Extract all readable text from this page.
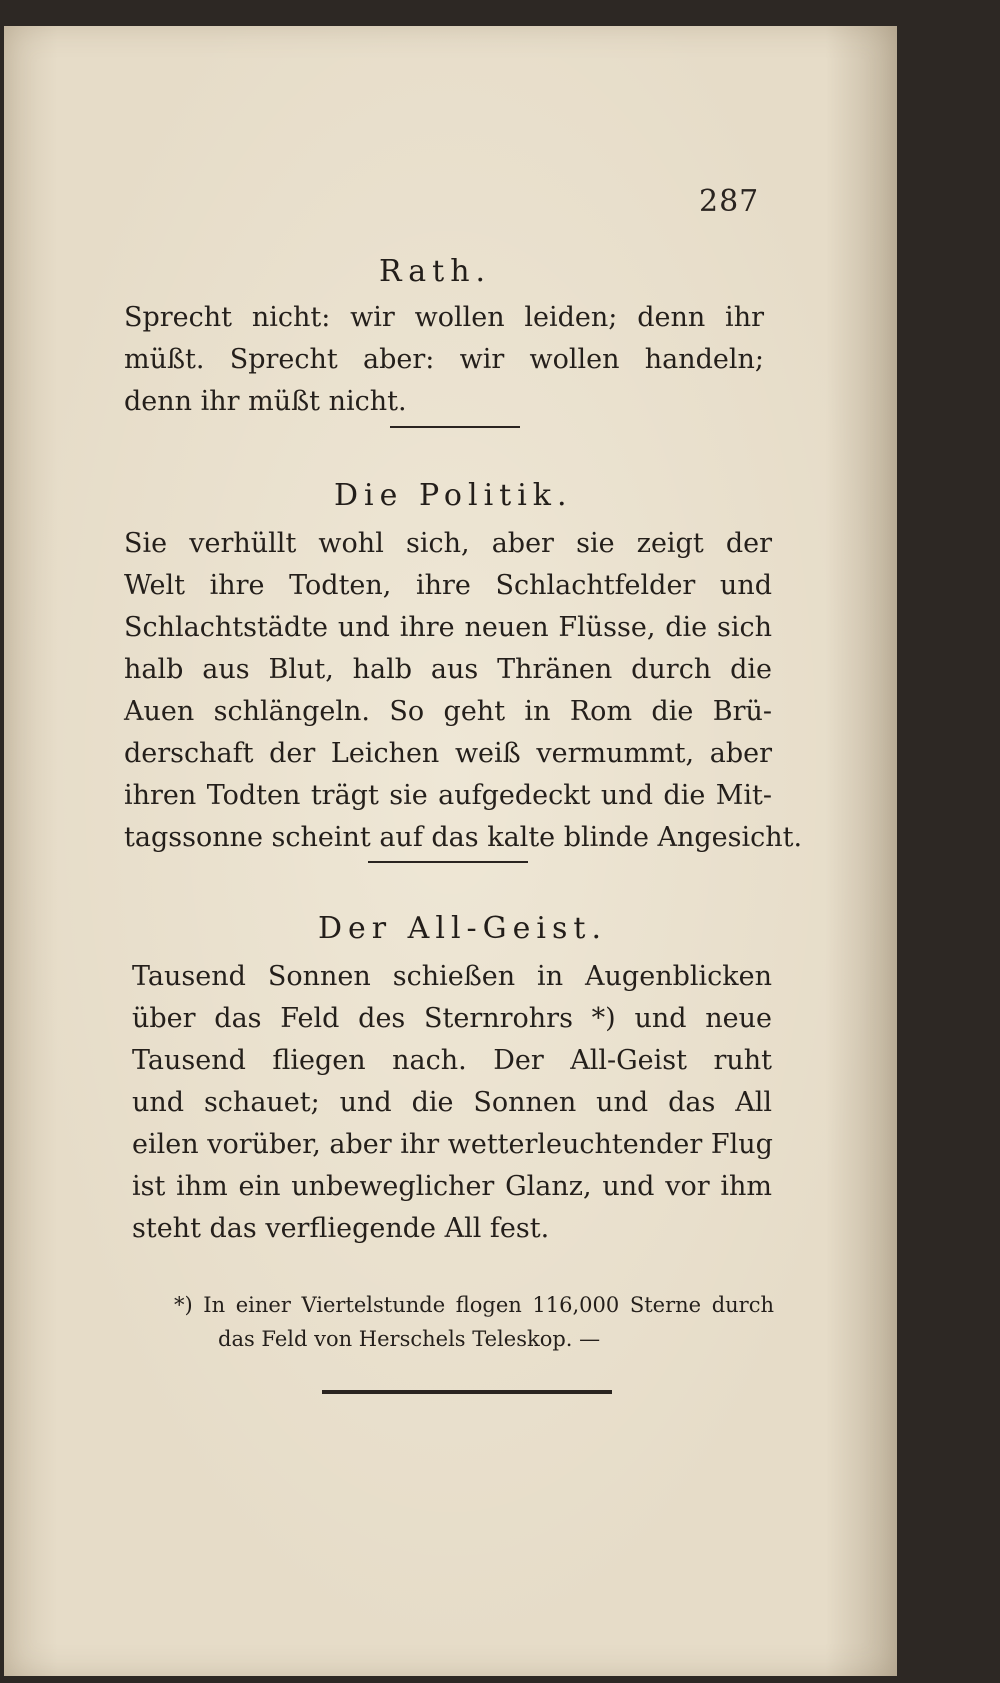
287
Rath.
Sprecht nicht: wir wollen leiden; denn ihr
müßt. Sprecht aber: wir wollen handeln;
denn ihr müßt nicht.
Die Politik.
Sie verhüllt wohl sich, aber sie zeigt der
Welt ihre Todten, ihre Schlachtfelder und
Schlachtstädte und ihre neuen Flüsse, die sich
halb aus Blut, halb aus Thränen durch die
Auen schlängeln. So geht in Rom die Brü-
derschaft der Leichen weiß vermummt, aber
ihren Todten trägt sie aufgedeckt und die Mit-
tagssonne scheint auf das kalte blinde Angesicht.
Der All-Geist.
Tausend Sonnen schießen in Augenblicken
über das Feld des Sternrohrs *) und neue
Tausend fliegen nach. Der All-Geist ruht
und schauet; und die Sonnen und das All
eilen vorüber, aber ihr wetterleuchtender Flug
ist ihm ein unbeweglicher Glanz, und vor ihm
steht das verfliegende All fest.
*) In einer Viertelstunde flogen 116,000 Sterne durch
das Feld von Herschels Teleskop. —
